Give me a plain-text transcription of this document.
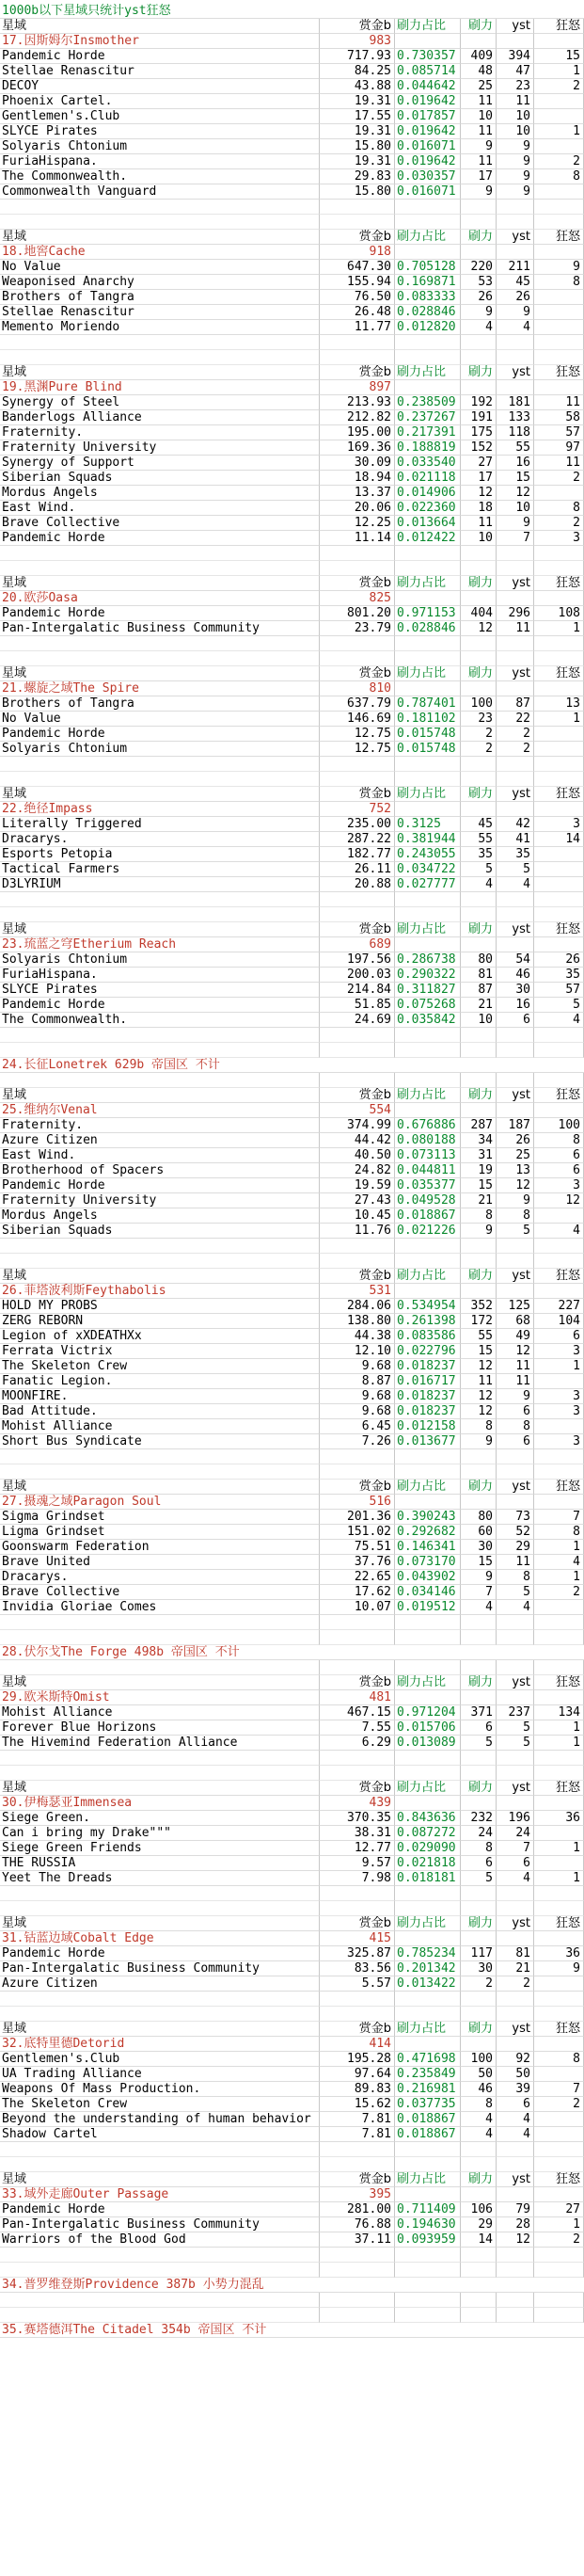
1000b以下星域只统计yst狂怒
星域	赏金b 刷力占比	刷力	yst	狂怒
17.因斯姆尔Insmother	983
Pandemic Horde	717.93 0.730357	409	394	15
Stellae Renascitur	84.25 0.085714	48	47	1
DECOY	43.88 0.044642	25	23	2
Phoenix Cartel.	19.31 0.019642	11	11
Gentlemen's.Club	17.55 0.017857	10	10
SLYCE Pirates	19.31 0.019642	11	10	1
Solyaris Chtonium	15.80 0.016071	9	9
FuriaHispana.	19.31 0.019642	11	9	2
The Commonwealth.	29.83 0.030357	17	9	8
Commonwealth Vanguard	15.80 0.016071	9	9
星域	赏金b 刷力占比	刷力	yst	狂怒
18.地窖Cache	918
No Value	647.30 0.705128	220	211	9
Weaponised Anarchy	155.94 0.169871	53	45	8
Brothers of Tangra	76.50 0.083333	26	26
Stellae Renascitur	26.48 0.028846	9	9
Memento Moriendo	11.77 0.012820	4	4
星域	赏金b 刷力占比	刷力	yst	狂怒
19.黑渊Pure Blind	897
Synergy of Steel	213.93 0.238509	192	181	11
Banderlogs Alliance	212.82 0.237267	191	133	58
Fraternity.	195.00 0.217391	175	118	57
Fraternity University	169.36 0.188819	152	55	97
Synergy of Support	30.09 0.033540	27	16	11
Siberian Squads	18.94 0.021118	17	15	2
Mordus Angels	13.37 0.014906	12	12
East Wind.	20.06 0.022360	18	10	8
Brave Collective	12.25 0.013664	11	9	2
Pandemic Horde	11.14 0.012422	10	7	3
星域	赏金b 刷力占比	刷力	yst	狂怒
20.欧莎Oasa	825
Pandemic Horde	801.20 0.971153	404	296	108
Pan-Intergalatic Business Community	23.79 0.028846	12	11	1
星域	赏金b 刷力占比	刷力	yst	狂怒
21.螺旋之域The Spire	810
Brothers of Tangra	637.79 0.787401	100	87	13
No Value	146.69 0.181102	23	22	1
Pandemic Horde	12.75 0.015748	2	2
Solyaris Chtonium	12.75 0.015748	2	2
星域	赏金b 刷力占比	刷力	yst	狂怒
22.绝径Impass	752
Literally Triggered	235.00 0.3125	45	42	3
Dracarys.	287.22 0.381944	55	41	14
Esports Petopia	182.77 0.243055	35	35
Tactical Farmers	26.11 0.034722	5	5
D3LYRIUM	20.88 0.027777	4	4
星域	赏金b 刷力占比	刷力	yst	狂怒
23.琉蓝之穹Etherium Reach	689
Solyaris Chtonium	197.56 0.286738	80	54	26
FuriaHispana.	200.03 0.290322	81	46	35
SLYCE Pirates	214.84 0.311827	87	30	57
Pandemic Horde	51.85 0.075268	21	16	5
The Commonwealth.	24.69 0.035842	10	6	4
24.长征Lonetrek 629b 帝国区 不计
星域	赏金b 刷力占比	刷力	yst	狂怒
25.维纳尔Venal	554
Fraternity.	374.99 0.676886	287	187	100
Azure Citizen	44.42 0.080188	34	26	8
East Wind.	40.50 0.073113	31	25	6
Brotherhood of Spacers	24.82 0.044811	19	13	6
Pandemic Horde	19.59 0.035377	15	12	3
Fraternity University	27.43 0.049528	21	9	12
Mordus Angels	10.45 0.018867	8	8
Siberian Squads	11.76 0.021226	9	5	4
星域	赏金b 刷力占比	刷力	yst	狂怒
26.菲塔波利斯Feythabolis	531
HOLD MY PROBS	284.06 0.534954	352	125	227
ZERG REBORN	138.80 0.261398	172	68	104
Legion of xXDEATHXx	44.38 0.083586	55	49	6
Ferrata Victrix	12.10 0.022796	15	12	3
The Skeleton Crew	9.68 0.018237	12	11	1
Fanatic Legion.	8.87 0.016717	11	11
MOONFIRE.	9.68 0.018237	12	9	3
Bad Attitude.	9.68 0.018237	12	6	3
Mohist Alliance	6.45 0.012158	8	8
Short Bus Syndicate	7.26 0.013677	9	6	3
星域	赏金b 刷力占比	刷力	yst	狂怒
27.摄魂之域Paragon Soul	516
Sigma Grindset	201.36 0.390243	80	73	7
Ligma Grindset	151.02 0.292682	60	52	8
Goonswarm Federation	75.51 0.146341	30	29	1
Brave United	37.76 0.073170	15	11	4
Dracarys.	22.65 0.043902	9	8	1
Brave Collective	17.62 0.034146	7	5	2
Invidia Gloriae Comes	10.07 0.019512	4	4
28.伏尔戈The Forge 498b 帝国区 不计
星域	赏金b 刷力占比	刷力	yst	狂怒
29.欧米斯特Omist	481
Mohist Alliance	467.15 0.971204	371	237	134
Forever Blue Horizons	7.55 0.015706	6	5	1
The Hivemind Federation Alliance	6.29 0.013089	5	5	1
星域	赏金b 刷力占比	刷力	yst	狂怒
30.伊梅瑟亚Immensea	439
Siege Green.	370.35 0.843636	232	196	36
Can i bring my Drake"""	38.31 0.087272	24	24
Siege Green Friends	12.77 0.029090	8	7	1
THE RUSSIA	9.57 0.021818	6	6
Yeet The Dreads	7.98 0.018181	5	4	1
星域	赏金b 刷力占比	刷力	yst	狂怒
31.钴蓝边域Cobalt Edge	415
Pandemic Horde	325.87 0.785234	117	81	36
Pan-Intergalatic Business Community	83.56 0.201342	30	21	9
Azure Citizen	5.57 0.013422	2	2
星域	赏金b 刷力占比	刷力	yst	狂怒
32.底特里德Detorid	414
Gentlemen's.Club	195.28 0.471698	100	92	8
UA Trading Alliance	97.64 0.235849	50	50
Weapons Of Mass Production.	89.83 0.216981	46	39	7
The Skeleton Crew	15.62 0.037735	8	6	2
Beyond the understanding of human behavior	7.81 0.018867	4	4
Shadow Cartel	7.81 0.018867	4	4
星域	赏金b 刷力占比	刷力	yst	狂怒
33.域外走廊Outer Passage	395
Pandemic Horde	281.00 0.711409	106	79	27
Pan-Intergalatic Business Community	76.88 0.194630	29	28	1
Warriors of the Blood God	37.11 0.093959	14	12	2
34.普罗维登斯Providence 387b 小势力混乱
35.赛塔德洱The Citadel 354b 帝国区 不计
